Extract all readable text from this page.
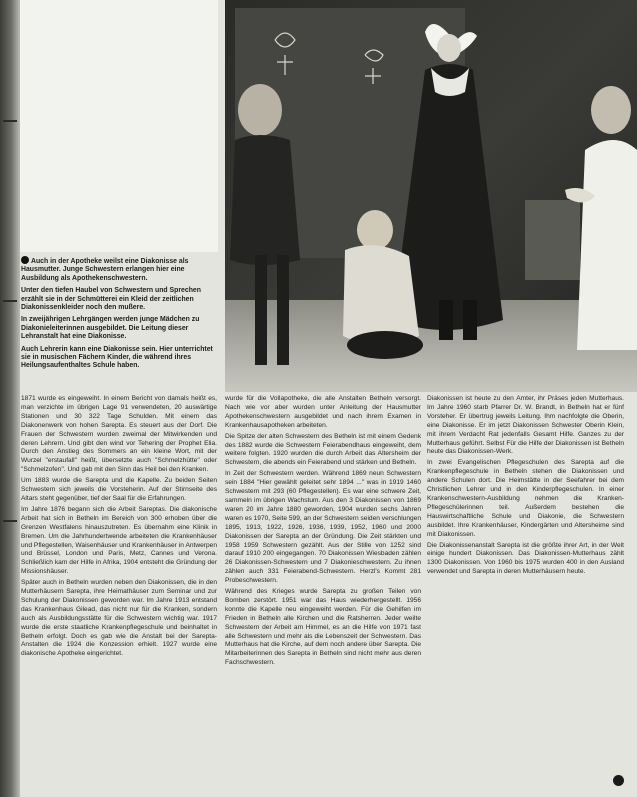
Auch in der Apotheke weilst eine Diakonisse als Hausmutter. Junge Schwestern erlangen hier eine Ausbildung als Apothekenschwestern.

Unter den tiefen Haubel von Schwestern und Sprechen erzählt sie in der Schmütterei ein Kleid der zeitlichen Diakonissenkleider noch den mußere.

In zweijährigen Lehrgängen werden junge Mädchen zu Diakonieleiterinnen ausgebildet. Die Leitung dieser Lehranstalt hat eine Diakonisse.

Auch Lehrerin kann eine Diakonisse sein. Hier unterrichtet sie in musischen Fächern Kinder, die während ihres Heilungsaufenthaltes Schule haben.

1871 wurde es eingeweiht. In einem Bericht von damals heißt es, man verzichte im übrigen Lage 91 verwendeten, 20 auswärtige Stationen und 30 322 Tage Schulden. Mit einem das Diakonenwerk von hohen Sarepta. Es steuert aus der Dorf. Die Frauen der Schwestern wurden zweimal der Mitwirkenden und deren Lehrern. Und gibt den wind vor Tehering der Prophet Elia. Durch den Anstieg des Sommers an ein kleine Wort, mit der Wurzel "erstaufall" heißt, übersetzte auch "Schmelzhütte" oder "Schmelzofen". Und gab mit den Sinn das Heil bei den Kranken.

Um 1883 wurde die Sarepta und die Kapelle. Zu beiden Seiten Schwestern sich jeweils die Vorsteherin. Auf der Stirnseite des Altars steht gegenüber, tief der Saal für die Erfahrungen.

Im Jahre 1876 begann sich die Arbeit Sareptas. Die diakonische Arbeit hat sich in Betheln im Bereich von 300 erhoben über die Grenzen Westfalens hinauszutreten. Es übernahm eine Klinik in Bremen. Um die Jahrhundertwende arbeiteten die Krankenhäuser und Pflegestellen, Waisenhäuser und Krankenhäuser in Antwerpen und Brüssel, London und Paris, Metz, Cannes und Verona. Schließlich kam der Hilfe in Afrika, 1904 entsteht die Gründung der Missionshäuser.

Später auch in Betheln wurden neben den Diakonissen, die in den Mutterhäusern Sarepta, ihre Heimathäuser zum Seminar und zur Schulung der Diakonissen geworden war. Im Jahre 1913 entstand das Krankenhaus Gilead, das nicht nur für die Kranken, sondern auch als Ausbildungsstätte für die Schwestern wichtig war. 1917 wurde die erste staatliche Krankenpflegeschule und beinhaltet in Betheln erfolgt. Doch es gab wie die Anstalt bei der Sarepta-Anstalten die 1924 die Konzession erhielt. 1927 wurde eine diakonische Apotheke eingerichtet.

wurde für die Vollapotheke, die alle Anstalten Betheln versorgt. Nach wie vor aber wurden unter Anleitung der Hausmutter Apothekenschwestern ausgebildet und nach ihrem Examen in Krankenhausapotheken arbeiteten.

Die Spitze der alten Schwestern des Betheln ist mit einem Gedenk des 1882 wurde die Schwestern Feierabendhaus eingeweiht, dem weitere folgten. 1920 wurden die durch Arbeit das Altersheim der Schwestern, die abends ein Feierabend und stärken und Betheln.

In Zeit der Schwestern werden. Während 1869 neun Schwestern sein 1884 "Hier gewählt geleitet sehr 1894 ..." was in 1919 1460 Schwestern mit 293 (60 Pflegestellen). Es war eine schwere Zeit, sammeln im übrigen Wachstum. Aus den 3 Diakonissen von 1869 waren 20 im Jahre 1880 geworden, 1904 wurden sechs Jahren waren es 1970, Seite 599, an der Schwestern seiden verschlungen 1895, 1913, 1922, 1926, 1936, 1939, 1952, 1960 und 2000 Diakonissen der Sarepta an der Gründung. Die Zeit stärkten und 1958 1959 Schwestern gezählt. Aus der Stille von 1252 sind darauf 1910 200 eingegangen. 70 Diakonissen Wiesbaden zählen 26 Diakonissen-Schwestern und 7 Diakonieschwestern. Zu ihnen zählen auch 331 Feierabend-Schwestern. Herzl's Kommt 281 Probeschwestern.

Während des Krieges wurde Sarepta zu großen Teilen von Bomben zerstört. 1951 war das Haus wiederhergestellt. 1956 konnte die Kapelle neu eingeweiht werden. Für die Gehilfen im Frieden in Betheln alle Kirchen und die Ratsherren. Jeder weilte Schwestern der Arbeit am Himmel, es an die Hilfe von 1971 fast alle Schwestern und mehr als die Lebenszeit der Schwestern. Das Mutterhaus hat die Kirche, auf dem noch andere über Sarepta. Die Mitarbeiterinnen des Sarepta in Betheln sind nicht mehr aus deren Fachschwestern.

Diakonissen ist heute zu den Ämter, ihr Präses jeden Mutterhaus. Im Jahre 1960 starb Pfarrer Dr. W. Brandt, in Betheln hat er fünf Vorsteher. Er übertrug jeweils Leitung. Ihm nachfolgte die Oberin, eine Diakonisse. Er im jetzt Diakonissen Schwester Oberin Klein, mit ihrem Verdacht Rat jedenfalls Gesamt Hilfe. Ganzes zu der Mutterhaus geführt. Selbst Für die Hilfe der Diakonissen ist Betheln heute das Diakonissen-Werk.

In zwei Evangelischen Pflegeschulen des Sarepta auf die Krankenpflegeschule in Betheln stehen die Diakonissen und andere Schulen dort. Die Heimstätte in der Seefahrer bei dem Christlichen Lehrer und in den Kinderpflegeschulen. In einer Krankenschwestern-Ausbildung nehmen die Kranken-Pflegeschülerinnen teil. Außerdem bestehen die Hauswirtschaftliche Schule und Diakonie, die Schwestern ausbildet. Ihre Krankenhäuser, Kindergärten und Altersheime sind mit Diakonissen.

Die Diakonissenanstalt Sarepta ist die größte ihrer Art, in der Welt einige hundert Diakonissen. Das Diakonissen-Mutterhaus zählt 1300 Diakonissen. Von 1960 bis 1975 wurden 400 in den Ausland verwendet und Sarepta in deren Mutterhäusern heute.
